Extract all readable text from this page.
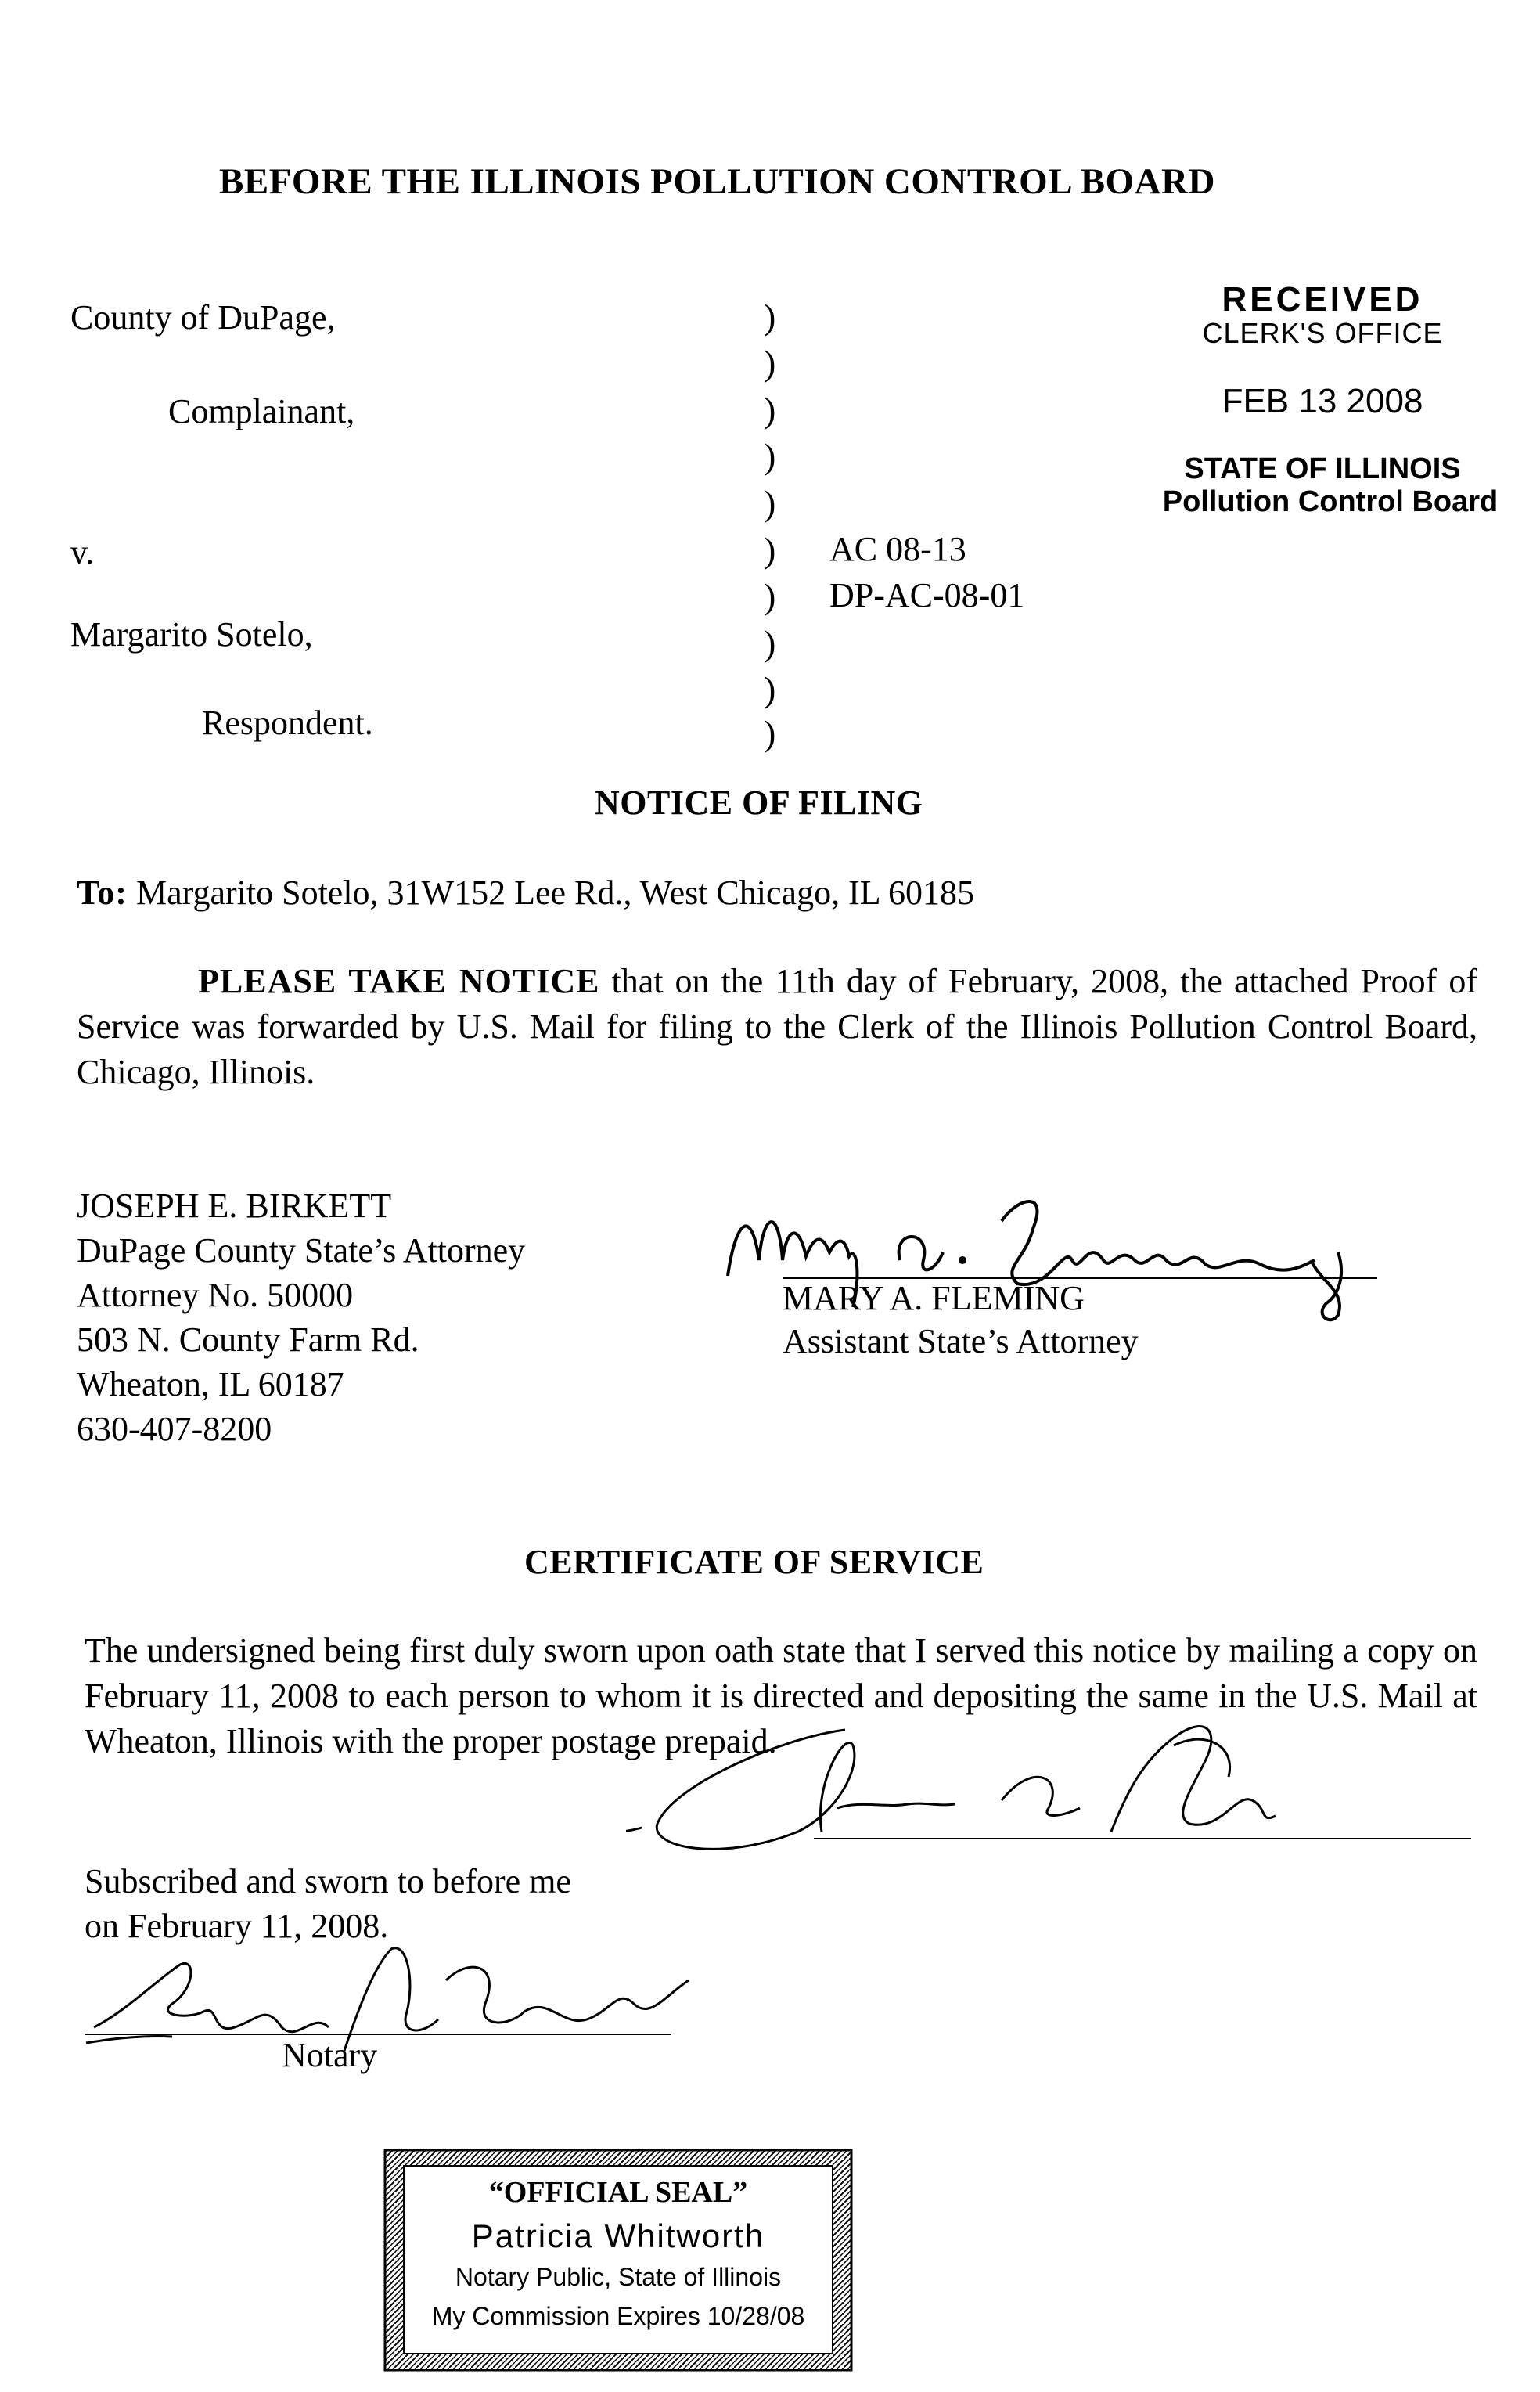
BEFORE THE ILLINOIS POLLUTION CONTROL BOARD
County of DuPage,
Complainant,
v.
Margarito Sotelo,
Respondent.
)
)
)
)
)
)
)
)
)
)
AC 08-13
DP-AC-08-01
RECEIVED
CLERK'S OFFICE
FEB 13 2008
STATE OF ILLINOIS
Pollution Control Board
NOTICE OF FILING
To: Margarito Sotelo, 31W152 Lee Rd., West Chicago, IL 60185
PLEASE TAKE NOTICE that on the 11th day of February, 2008, the attached Proof of Service was forwarded by U.S. Mail for filing to the Clerk of the Illinois Pollution Control Board, Chicago, Illinois.
JOSEPH E. BIRKETT
DuPage County State’s Attorney
Attorney No. 50000
503 N. County Farm Rd.
Wheaton, IL 60187
630-407-8200
MARY A. FLEMING
Assistant State’s Attorney
CERTIFICATE OF SERVICE
The undersigned being first duly sworn upon oath state that I served this notice by mailing a copy on February 11, 2008 to each person to whom it is directed and depositing the same in the U.S. Mail at Wheaton, Illinois with the proper postage prepaid.
Subscribed and sworn to before me
on February 11, 2008.
Notary
“OFFICIAL SEAL”
Patricia Whitworth
Notary Public, State of Illinois
My Commission Expires 10/28/08
